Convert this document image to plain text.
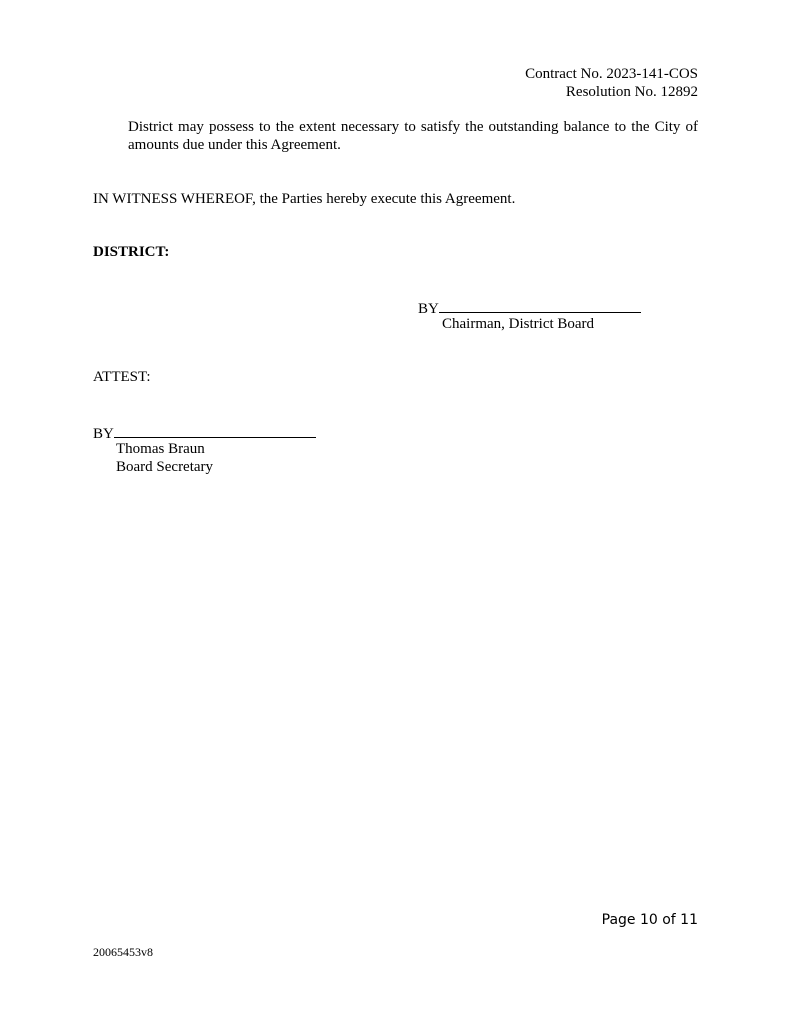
Contract No. 2023-141-COS
Resolution No. 12892
District may possess to the extent necessary to satisfy the outstanding balance to the City of
amounts due under this Agreement.
IN WITNESS WHEREOF, the Parties hereby execute this Agreement.
DISTRICT:
BY
Chairman, District Board
ATTEST:
BY
Thomas Braun
Board Secretary
Page 10 of 11
20065453v8
